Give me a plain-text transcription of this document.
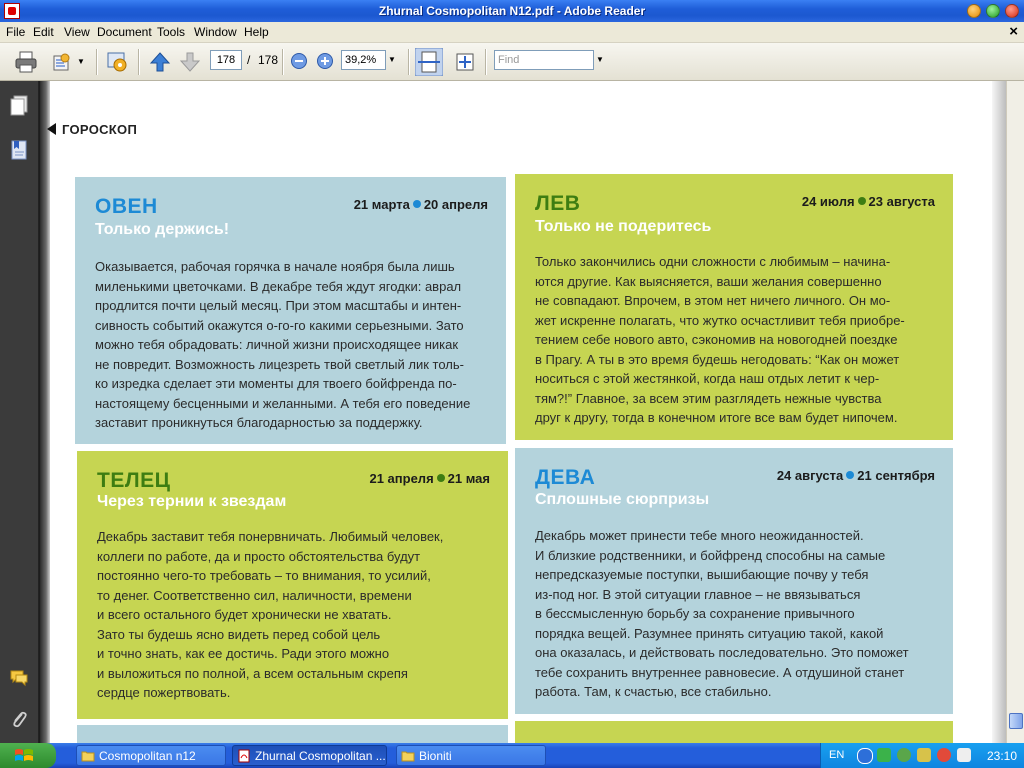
Zhurnal Cosmopolitan N12.pdf - Adobe Reader
File Edit View Document Tools Window Help	×
▼	178 / 178	39,2%	▼	Find	▼
ГОРОСКОП
ОВЕН	21 марта 20 апреля
Только держись!
Оказывается, рабочая горячка в начале ноября была лишь
миленькими цветочками. В декабре тебя ждут ягодки: аврал
продлится почти целый месяц. При этом масштабы и интен-
сивность событий окажутся о-го-го какими серьезными. Зато
можно тебя обрадовать: личной жизни происходящее никак
не повредит. Возможность лицезреть твой светлый лик толь-
ко изредка сделает эти моменты для твоего бойфренда по-
настоящему бесценными и желанными. А тебя его поведение
заставит проникнуться благодарностью за поддержку.
ЛЕВ	24 июля 23 августа
Только не подеритесь
Только закончились одни сложности с любимым – начина-
ются другие. Как выясняется, ваши желания совершенно
не совпадают. Впрочем, в этом нет ничего личного. Он мо-
жет искренне полагать, что жутко осчастливит тебя приобре-
тением себе нового авто, сэкономив на новогодней поездке
в Прагу. А ты в это время будешь негодовать: “Как он может
носиться с этой жестянкой, когда наш отдых летит к чер-
тям?!” Главное, за всем этим разглядеть нежные чувства
друг к другу, тогда в конечном итоге все вам будет нипочем.
ТЕЛЕЦ	21 апреля 21 мая
Через тернии к звездам
Декабрь заставит тебя понервничать. Любимый человек,
коллеги по работе, да и просто обстоятельства будут
постоянно чего-то требовать – то внимания, то усилий,
то денег. Соответственно сил, наличности, времени
и всего остального будет хронически не хватать.
Зато ты будешь ясно видеть перед собой цель
и точно знать, как ее достичь. Ради этого можно
и выложиться по полной, а всем остальным скрепя
сердце пожертвовать.
ДЕВА	24 августа 21 сентября
Сплошные сюрпризы
Декабрь может принести тебе много неожиданностей.
И близкие родственники, и бойфренд способны на самые
непредсказуемые поступки, вышибающие почву у тебя
из-под ног. В этой ситуации главное – не ввязываться
в бессмысленную борьбу за сохранение привычного
порядка вещей. Разумнее принять ситуацию такой, какой
она оказалась, и действовать последовательно. Это поможет
тебе сохранить внутреннее равновесие. А отдушиной станет
работа. Там, к счастью, все стабильно.
Cosmopolitan n12	Zhurnal Cosmopolitan ...	Bioniti	EN	23:10
